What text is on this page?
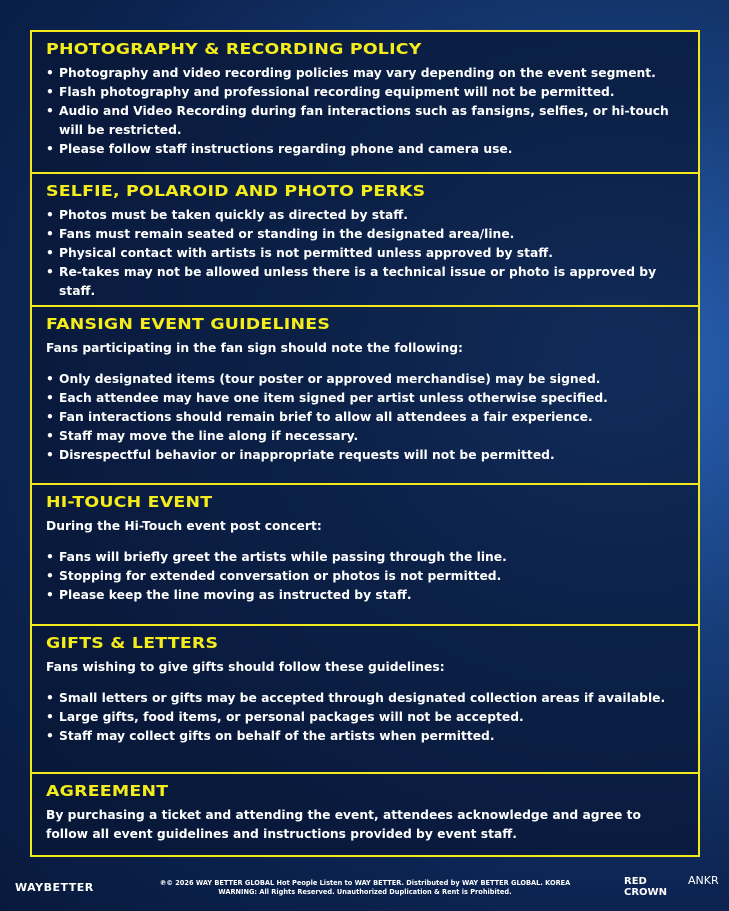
PHOTOGRAPHY & RECORDING POLICY
• Photography and video recording policies may vary depending on the event segment.
• Flash photography and professional recording equipment will not be permitted.
• Audio and Video Recording during fan interactions such as fansigns, selfies, or hi-touch will be restricted.
• Please follow staff instructions regarding phone and camera use.
SELFIE, POLAROID AND PHOTO PERKS
• Photos must be taken quickly as directed by staff.
• Fans must remain seated or standing in the designated area/line.
• Physical contact with artists is not permitted unless approved by staff.
• Re-takes may not be allowed unless there is a technical issue or photo is approved by staff.
FANSIGN EVENT GUIDELINES

Fans participating in the fan sign should note the following:

• Only designated items (tour poster or approved merchandise) may be signed.
• Each attendee may have one item signed per artist unless otherwise specified.
• Fan interactions should remain brief to allow all attendees a fair experience.
• Staff may move the line along if necessary.
• Disrespectful behavior or inappropriate requests will not be permitted.
HI-TOUCH EVENT

During the Hi-Touch event post concert:

• Fans will briefly greet the artists while passing through the line.
• Stopping for extended conversation or photos is not permitted.
• Please keep the line moving as instructed by staff.
GIFTS & LETTERS

Fans wishing to give gifts should follow these guidelines:

• Small letters or gifts may be accepted through designated collection areas if available.
• Large gifts, food items, or personal packages will not be accepted.
• Staff may collect gifts on behalf of the artists when permitted.
AGREEMENT

By purchasing a ticket and attending the event, attendees acknowledge and agree to follow all event guidelines and instructions provided by event staff.

WAYBETTER	℗© 2026 WAY BETTER GLOBAL Hot People Listen to WAY BETTER. Distributed by WAY BETTER GLOBAL. KOREA
WARNING: All Rights Reserved. Unauthorized Duplication & Rent is Prohibited.
RED
CROWN
ANKR
